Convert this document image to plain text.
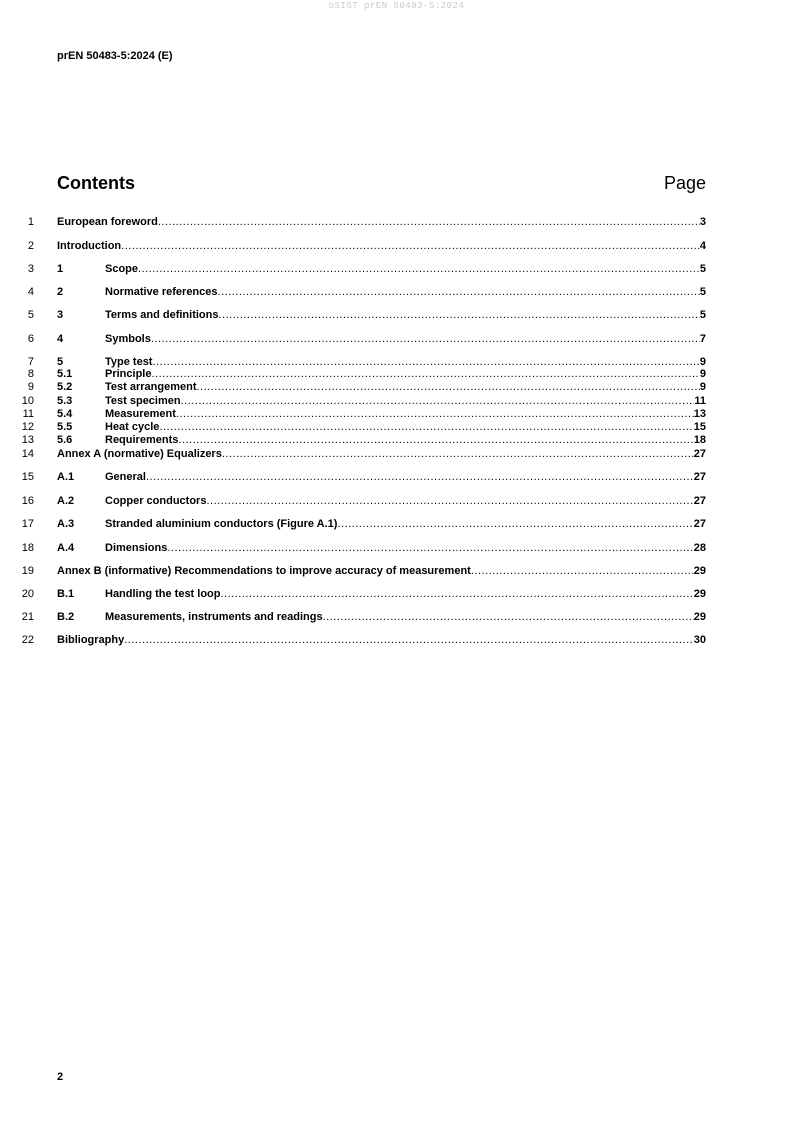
oSIST prEN 50483-5:2024
prEN 50483-5:2024 (E)
Contents	Page
1 European foreword .....	3
2 Introduction .....	4
3 1	Scope .....	5
4 2	Normative references .....	5
5 3	Terms and definitions .....	5
6 4	Symbols .....	7
7 5	Type test .....	9
8 5.1	Principle .....	9
9 5.2	Test arrangement .....	9
10 5.3	Test specimen .....	11
11 5.4	Measurement .....	13
12 5.5	Heat cycle .....	15
13 5.6	Requirements .....	18
14 Annex A (normative) Equalizers .....	27
15 A.1	General .....	27
16 A.2	Copper conductors .....	27
17 A.3	Stranded aluminium conductors (Figure A.1) .....	27
18 A.4	Dimensions .....	28
19 Annex B (informative) Recommendations to improve accuracy of measurement .....	29
20 B.1	Handling the test loop .....	29
21 B.2	Measurements, instruments and readings .....	29
22 Bibliography .....	30
2
